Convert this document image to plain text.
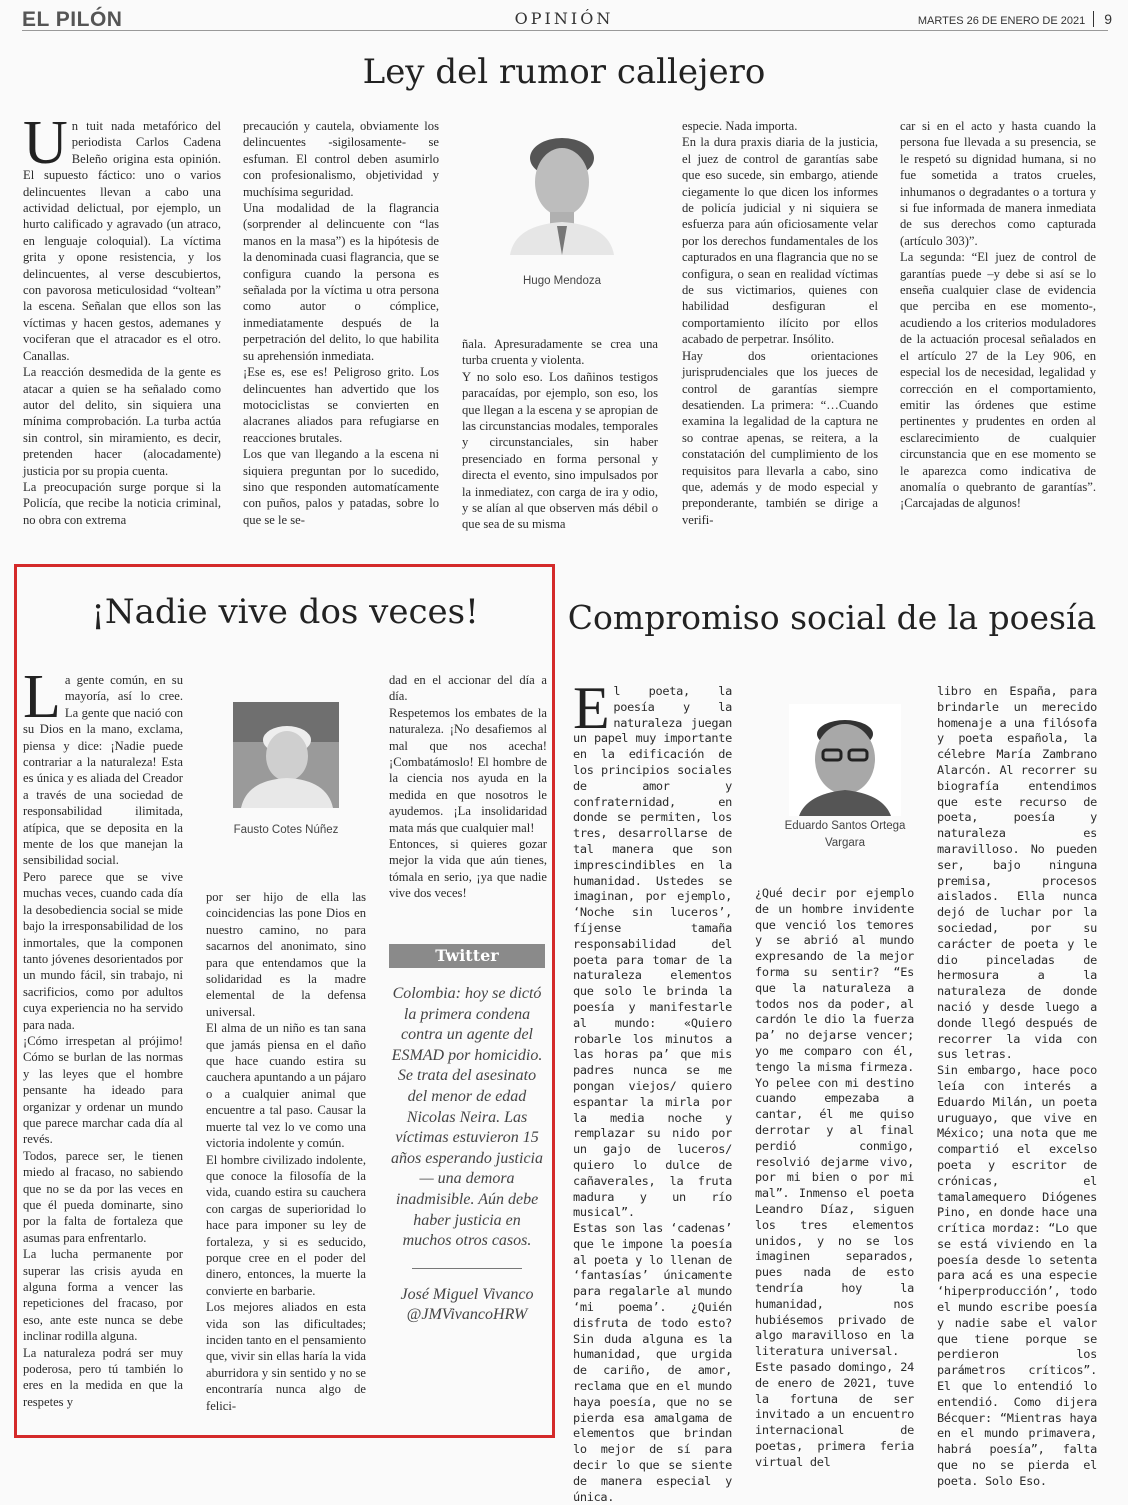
EL PILÓN	OPINIÓN	MARTES 26 DE ENERO DE 2021 9
Ley del rumor callejero
U n tuit nada metafórico del periodista Carlos Cadena Beleño origina esta opinión. El supuesto fáctico: uno o varios delincuentes llevan a cabo una actividad delictual, por ejemplo, un hurto calificado y agravado (un atraco, en lenguaje coloquial). La víctima grita y opone resistencia, y los delincuentes, al verse descubiertos, con pavorosa meticulosidad “voltean” la escena. Señalan que ellos son las víctimas y hacen gestos, ademanes y vociferan que el atracador es el otro. Canallas.

La reacción desmedida de la gente es atacar a quien se ha señalado como autor del delito, sin siquiera una mínima comprobación. La turba actúa sin control, sin miramiento, es decir, pretenden hacer (alocadamente) justicia por su propia cuenta.

La preocupación surge porque si la Policía, que recibe la noticia criminal, no obra con extrema

precaución y cautela, obviamente los delincuentes -sigilosamente- se esfuman. El control deben asumirlo con profesionalismo, objetividad y muchísima seguridad.

Una modalidad de la flagrancia (sorprender al delincuente con “las manos en la masa”) es la hipótesis de la denominada cuasi flagrancia, que se configura cuando la persona es señalada por la víctima u otra persona como autor o cómplice, inmediatamente después de la perpetración del delito, lo que habilita su aprehensión inmediata.

¡Ese es, ese es! Peligroso grito. Los delincuentes han advertido que los motociclistas se convierten en alacranes aliados para refugiarse en reacciones brutales.

Los que van llegando a la escena ni siquiera preguntan por lo sucedido, sino que responden automatícamente con puños, palos y patadas, sobre lo que se le se-

Hugo Mendoza

ñala. Apresuradamente se crea una turba cruenta y violenta.

Y no solo eso. Los dañinos testigos paracaídas, por ejemplo, son eso, los que llegan a la escena y se apropian de las circunstancias modales, temporales y circunstanciales, sin haber presenciado en forma personal y directa el evento, sino impulsados por la inmediatez, con carga de ira y odio, y se alían al que observen más débil o que sea de su misma

especie. Nada importa.

En la dura praxis diaria de la justicia, el juez de control de garantías sabe que eso sucede, sin embargo, atiende ciegamente lo que dicen los informes de policía judicial y ni siquiera se esfuerza para aún oficiosamente velar por los derechos fundamentales de los capturados en una flagrancia que no se configura, o sean en realidad víctimas de sus victimarios, quienes con habilidad desfiguran el comportamiento ilícito por ellos acabado de perpetrar. Insólito.

Hay dos orientaciones jurisprudenciales que los jueces de control de garantías siempre desatienden. La primera: “…Cuando examina la legalidad de la captura ne so contrae apenas, se reitera, a la constatación del cumplimiento de los requisitos para llevarla a cabo, sino que, además y de modo especial y preponderante, también se dirige a verifi-

car si en el acto y hasta cuando la persona fue llevada a su presencia, se le respetó su dignidad humana, si no fue sometida a tratos crueles, inhumanos o degradantes o a tortura y si fue informada de manera inmediata de sus derechos como capturada (artículo 303)”.

La segunda: “El juez de control de garantías puede –y debe si así se lo enseña cualquier clase de evidencia que perciba en ese momento-, acudiendo a los criterios moduladores de la actuación procesal señalados en el artículo 27 de la Ley 906, en especial los de necesidad, legalidad y corrección en el comportamiento, emitir las órdenes que estime pertinentes y prudentes en orden al esclarecimiento de cualquier circunstancia que en ese momento se le aparezca como indicativa de anomalía o quebranto de garantías”. ¡Carcajadas de algunos!

¡Nadie vive dos veces!
L a gente común, en su mayoría, así lo cree. La gente que nació con su Dios en la mano, exclama, piensa y dice: ¡Nadie puede contrariar a la naturaleza! Esta es única y es aliada del Creador a través de una sociedad de responsabilidad ilimitada, atípica, que se deposita en la mente de los que manejan la sensibilidad social.

Pero parece que se vive muchas veces, cuando cada día la desobediencia social se mide bajo la irresponsabilidad de los inmortales, que la componen tanto jóvenes desorientados por un mundo fácil, sin trabajo, ni sacrificios, como por adultos cuya experiencia no ha servido para nada.

¡Cómo irrespetan al prójimo! Cómo se burlan de las normas y las leyes que el hombre pensante ha ideado para organizar y ordenar un mundo que parece marchar cada día al revés.

Todos, parece ser, le tienen miedo al fracaso, no sabiendo que no se da por las veces en que él pueda dominarte, sino por la falta de fortaleza que asumas para enfrentarlo.

La lucha permanente por superar las crisis ayuda en alguna forma a vencer las repeticiones del fracaso, por eso, ante este nunca se debe inclinar rodilla alguna.

La naturaleza podrá ser muy poderosa, pero tú también lo eres en la medida en que la respetes y

Fausto Cotes Núñez

por ser hijo de ella las coincidencias las pone Dios en nuestro camino, no para sacarnos del anonimato, sino para que entendamos que la solidaridad es la madre elemental de la defensa universal.

El alma de un niño es tan sana que jamás piensa en el daño que hace cuando estira su cauchera apuntando a un pájaro o a cualquier animal que encuentre a tal paso. Causar la muerte tal vez lo ve como una victoria indolente y común.

El hombre civilizado indolente, que conoce la filosofía de la vida, cuando estira su cauchera con cargas de superioridad lo hace para imponer su ley de fortaleza, y si es seducido, porque cree en el poder del dinero, entonces, la muerte la convierte en barbarie.

Los mejores aliados en esta vida son las dificultades; inciden tanto en el pensamiento que, vivir sin ellas haría la vida aburridora y sin sentido y no se encontraría nunca algo de felici-

dad en el accionar del día a día.

Respetemos los embates de la naturaleza. ¡No desafiemos al mal que nos acecha! ¡Combatámoslo! El hombre de la ciencia nos ayuda en la medida en que nosotros le ayudemos. ¡La insolidaridad mata más que cualquier mal!

Entonces, si quieres gozar mejor la vida que aún tienes, tómala en serio, ¡ya que nadie vive dos veces!

Twitter
Colombia: hoy se dictó la primera condena contra un agente del ESMAD por homicidio. Se trata del asesinato del menor de edad Nicolas Neira. Las víctimas estuvieron 15 años esperando justicia— una demora inadmisible. Aún debe haber justicia en muchos otros casos.
José Miguel Vivanco
@JMVivancoHRW
Compromiso social de la poesía
E l poeta, la poesía y la naturaleza juegan un papel muy importante en la edificación de los principios sociales de amor y confraternidad, en donde se permiten, los tres, desarrollarse de tal manera que son imprescindibles en la humanidad. Ustedes se imaginan, por ejemplo, ‘Noche sin luceros’, fíjense tamaña responsabilidad del poeta para tomar de la naturaleza elementos que solo le brinda la poesía y manifestarle al mundo: «Quiero robarle los minutos a las horas pa’ que mis padres nunca se me pongan viejos/ quiero espantar la mirla por la media noche y remplazar su nido por un gajo de luceros/ quiero lo dulce de cañaverales, la fruta madura y un río musical”.

Estas son las ‘cadenas’ que le impone la poesía al poeta y lo llenan de ‘fantasías’ únicamente para regalarle al mundo ‘mi poema’. ¿Quién disfruta de todo esto? Sin duda alguna es la humanidad, que urgida de cariño, de amor, reclama que en el mundo haya poesía, que no se pierda esa amalgama de elementos que brindan lo mejor de sí para decir lo que se siente de manera especial y única.

Eduardo Santos Ortega Vargara

¿Qué decir por ejemplo de un hombre invidente que venció los temores y se abrió al mundo expresando de la mejor forma su sentir? “Es que la naturaleza a todos nos da poder, al cardón le dio la fuerza pa’ no dejarse vencer; yo me comparo con él, tengo la misma firmeza. Yo pelee con mi destino cuando empezaba a cantar, él me quiso derrotar y al final perdió conmigo, resolvió dejarme vivo, por mi bien o por mi mal”. Inmenso el poeta Leandro Díaz, siguen los tres elementos unidos, y no se los imaginen separados, pues nada de esto tendría hoy la humanidad, nos hubiésemos privado de algo maravilloso en la literatura universal.

Este pasado domingo, 24 de enero de 2021, tuve la fortuna de ser invitado a un encuentro internacional de poetas, primera feria virtual del

libro en España, para brindarle un merecido homenaje a una filósofa y poeta española, la célebre María Zambrano Alarcón. Al recorrer su biografía entendimos que este recurso de poeta, poesía y naturaleza es maravilloso. No pueden ser, bajo ninguna premisa, procesos aislados. Ella nunca dejó de luchar por la sociedad, por su carácter de poeta y le dio pinceladas de hermosura a la naturaleza de donde nació y desde luego a donde llegó después de recorrer la vida con sus letras.

Sin embargo, hace poco leía con interés a Eduardo Milán, un poeta uruguayo, que vive en México; una nota que me compartió el excelso poeta y escritor de crónicas, el tamalamequero Diógenes Pino, en donde hace una crítica mordaz: “Lo que se está viviendo en la poesía desde lo setenta para acá es una especie ‘hiperproducción’, todo el mundo escribe poesía y nadie sabe el valor que tiene porque se perdieron los parámetros críticos”. El que lo entendió lo entendió. Como dijera Bécquer: “Mientras haya en el mundo primavera, habrá poesía”, falta que no se pierda el poeta. Solo Eso.
